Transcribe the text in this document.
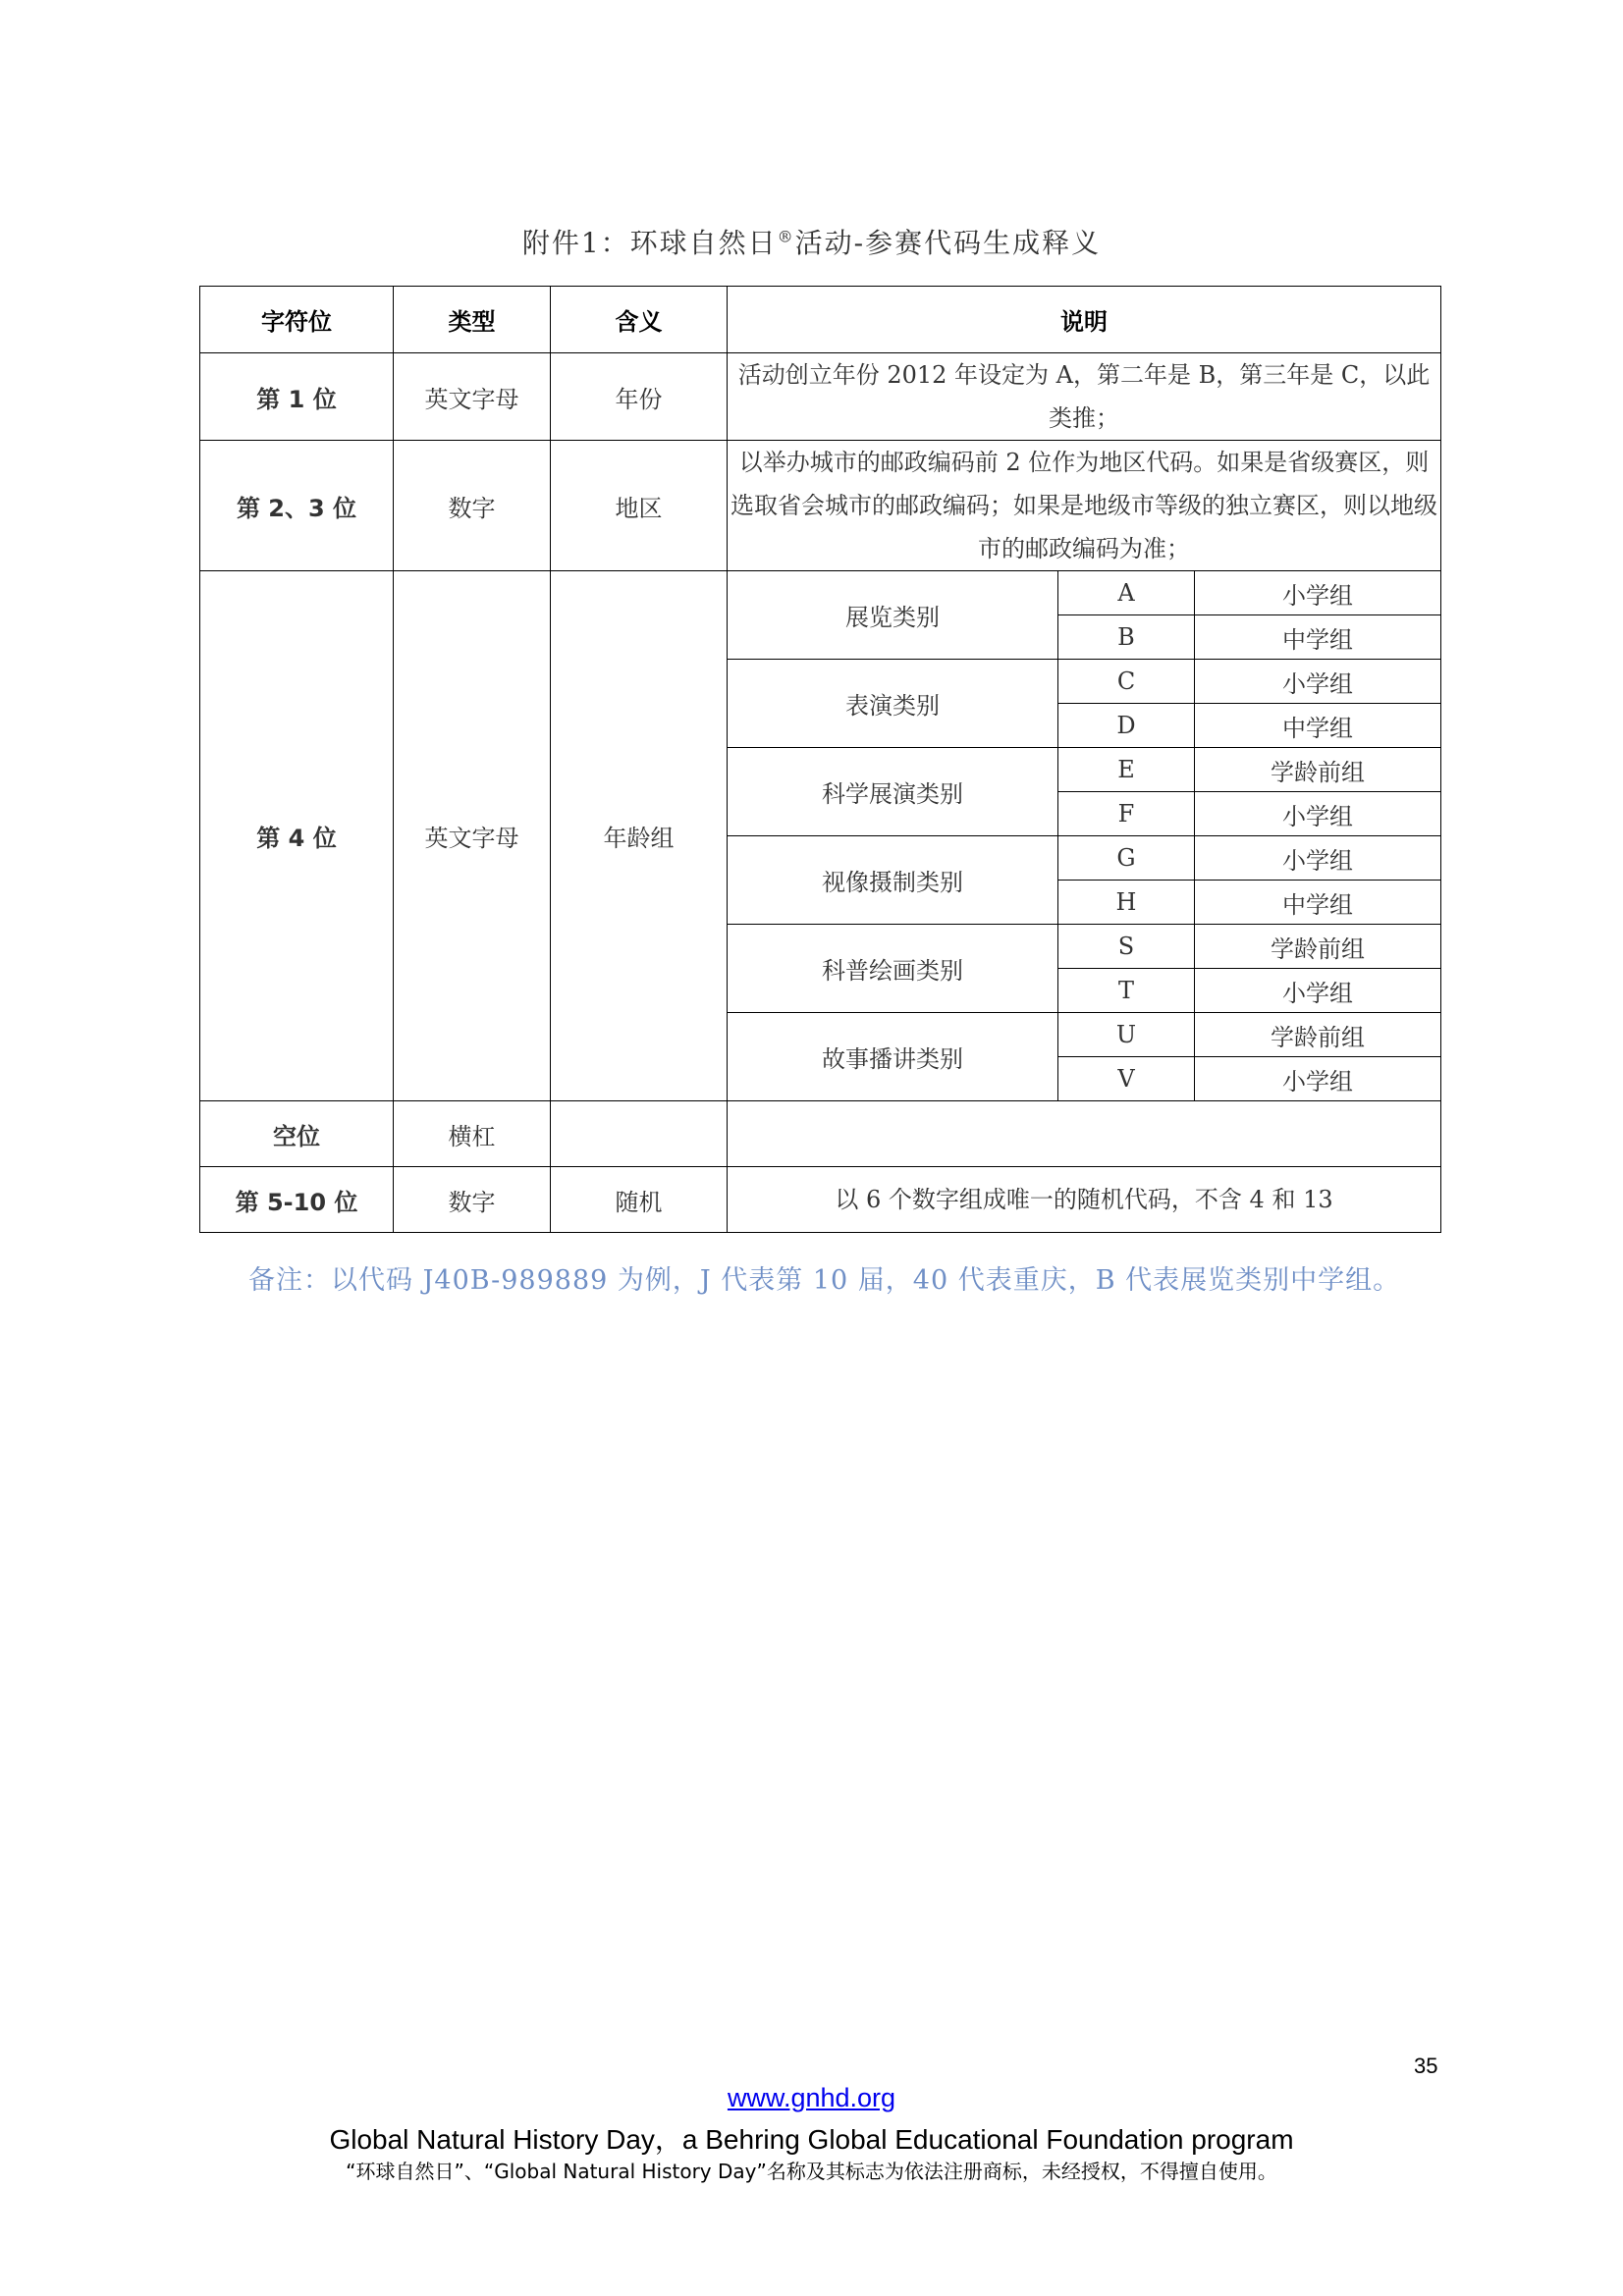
附件1：环球自然日®活动-参赛代码生成释义
字符位	类型	含义	说明		
第 1 位	英文字母	年份	活动创立年份 2012 年设定为 A，第二年是 B，第三年是 C，以此类推；		
第 2、3 位	数字	地区	以举办城市的邮政编码前 2 位作为地区代码。如果是省级赛区，则选取省会城市的邮政编码；如果是地级市等级的独立赛区，则以地级市的邮政编码为准；		
第 4 位	英文字母	年龄组	展览类别	A	小学组
				B	中学组
			表演类别	C	小学组
				D	中学组
			科学展演类别	E	学龄前组
				F	小学组
			视像摄制类别	G	小学组
				H	中学组
			科普绘画类别	S	学龄前组
				T	小学组
			故事播讲类别	U	学龄前组
				V	小学组
空位	横杠				
第 5-10 位	数字	随机	以 6 个数字组成唯一的随机代码，不含 4 和 13		
备注：以代码 J40B-989889 为例，J 代表第 10 届，40 代表重庆，B 代表展览类别中学组。
35
www.gnhd.org
Global Natural History Day，a Behring Global Educational Foundation program
“环球自然日”、“Global Natural History Day”名称及其标志为依法注册商标，未经授权，不得擅自使用。
